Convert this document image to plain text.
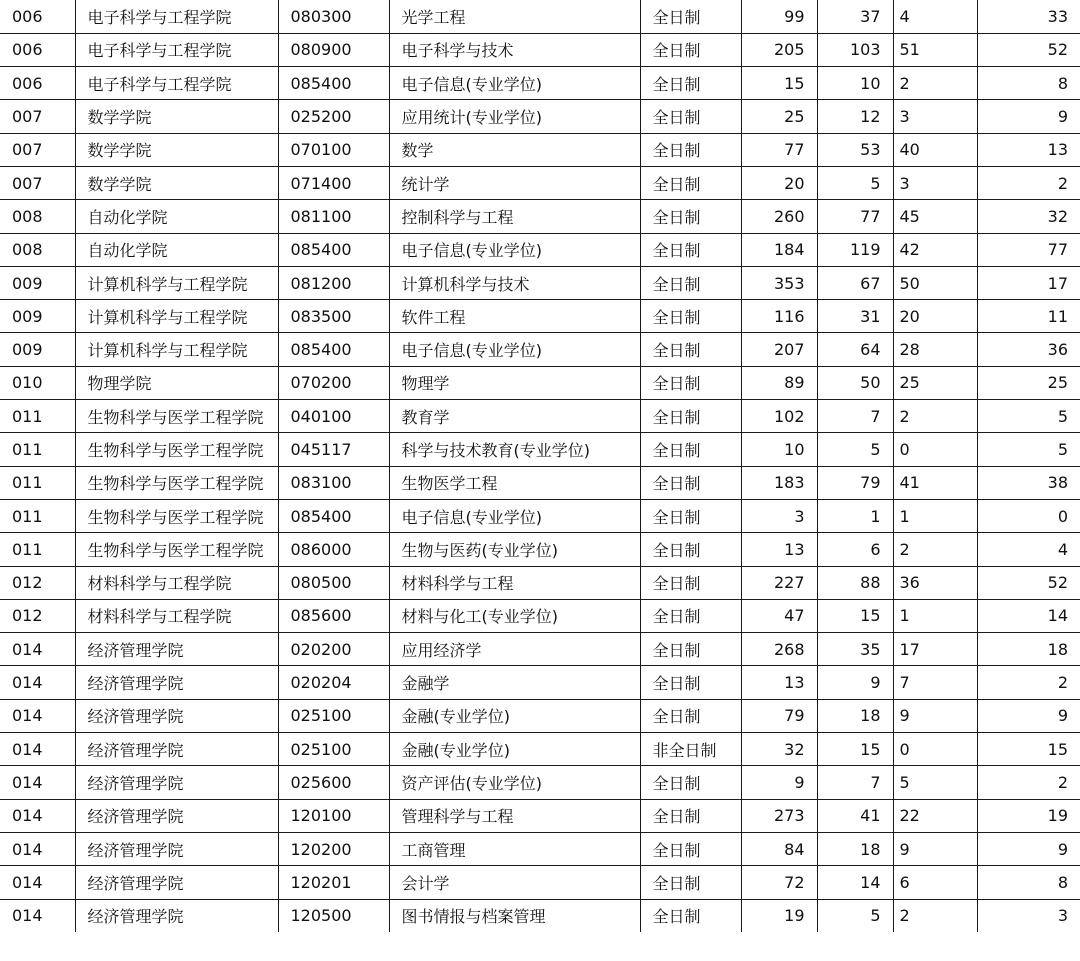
006	电子科学与工程学院	080300	光学工程	全日制	99	37	4	33
006	电子科学与工程学院	080900	电子科学与技术	全日制	205	103	51	52
006	电子科学与工程学院	085400	电子信息(专业学位)	全日制	15	10	2	8
007	数学学院	025200	应用统计(专业学位)	全日制	25	12	3	9
007	数学学院	070100	数学	全日制	77	53	40	13
007	数学学院	071400	统计学	全日制	20	5	3	2
008	自动化学院	081100	控制科学与工程	全日制	260	77	45	32
008	自动化学院	085400	电子信息(专业学位)	全日制	184	119	42	77
009	计算机科学与工程学院	081200	计算机科学与技术	全日制	353	67	50	17
009	计算机科学与工程学院	083500	软件工程	全日制	116	31	20	11
009	计算机科学与工程学院	085400	电子信息(专业学位)	全日制	207	64	28	36
010	物理学院	070200	物理学	全日制	89	50	25	25
011	生物科学与医学工程学院	040100	教育学	全日制	102	7	2	5
011	生物科学与医学工程学院	045117	科学与技术教育(专业学位)	全日制	10	5	0	5
011	生物科学与医学工程学院	083100	生物医学工程	全日制	183	79	41	38
011	生物科学与医学工程学院	085400	电子信息(专业学位)	全日制	3	1	1	0
011	生物科学与医学工程学院	086000	生物与医药(专业学位)	全日制	13	6	2	4
012	材料科学与工程学院	080500	材料科学与工程	全日制	227	88	36	52
012	材料科学与工程学院	085600	材料与化工(专业学位)	全日制	47	15	1	14
014	经济管理学院	020200	应用经济学	全日制	268	35	17	18
014	经济管理学院	020204	金融学	全日制	13	9	7	2
014	经济管理学院	025100	金融(专业学位)	全日制	79	18	9	9
014	经济管理学院	025100	金融(专业学位)	非全日制	32	15	0	15
014	经济管理学院	025600	资产评估(专业学位)	全日制	9	7	5	2
014	经济管理学院	120100	管理科学与工程	全日制	273	41	22	19
014	经济管理学院	120200	工商管理	全日制	84	18	9	9
014	经济管理学院	120201	会计学	全日制	72	14	6	8
014	经济管理学院	120500	图书情报与档案管理	全日制	19	5	2	3
